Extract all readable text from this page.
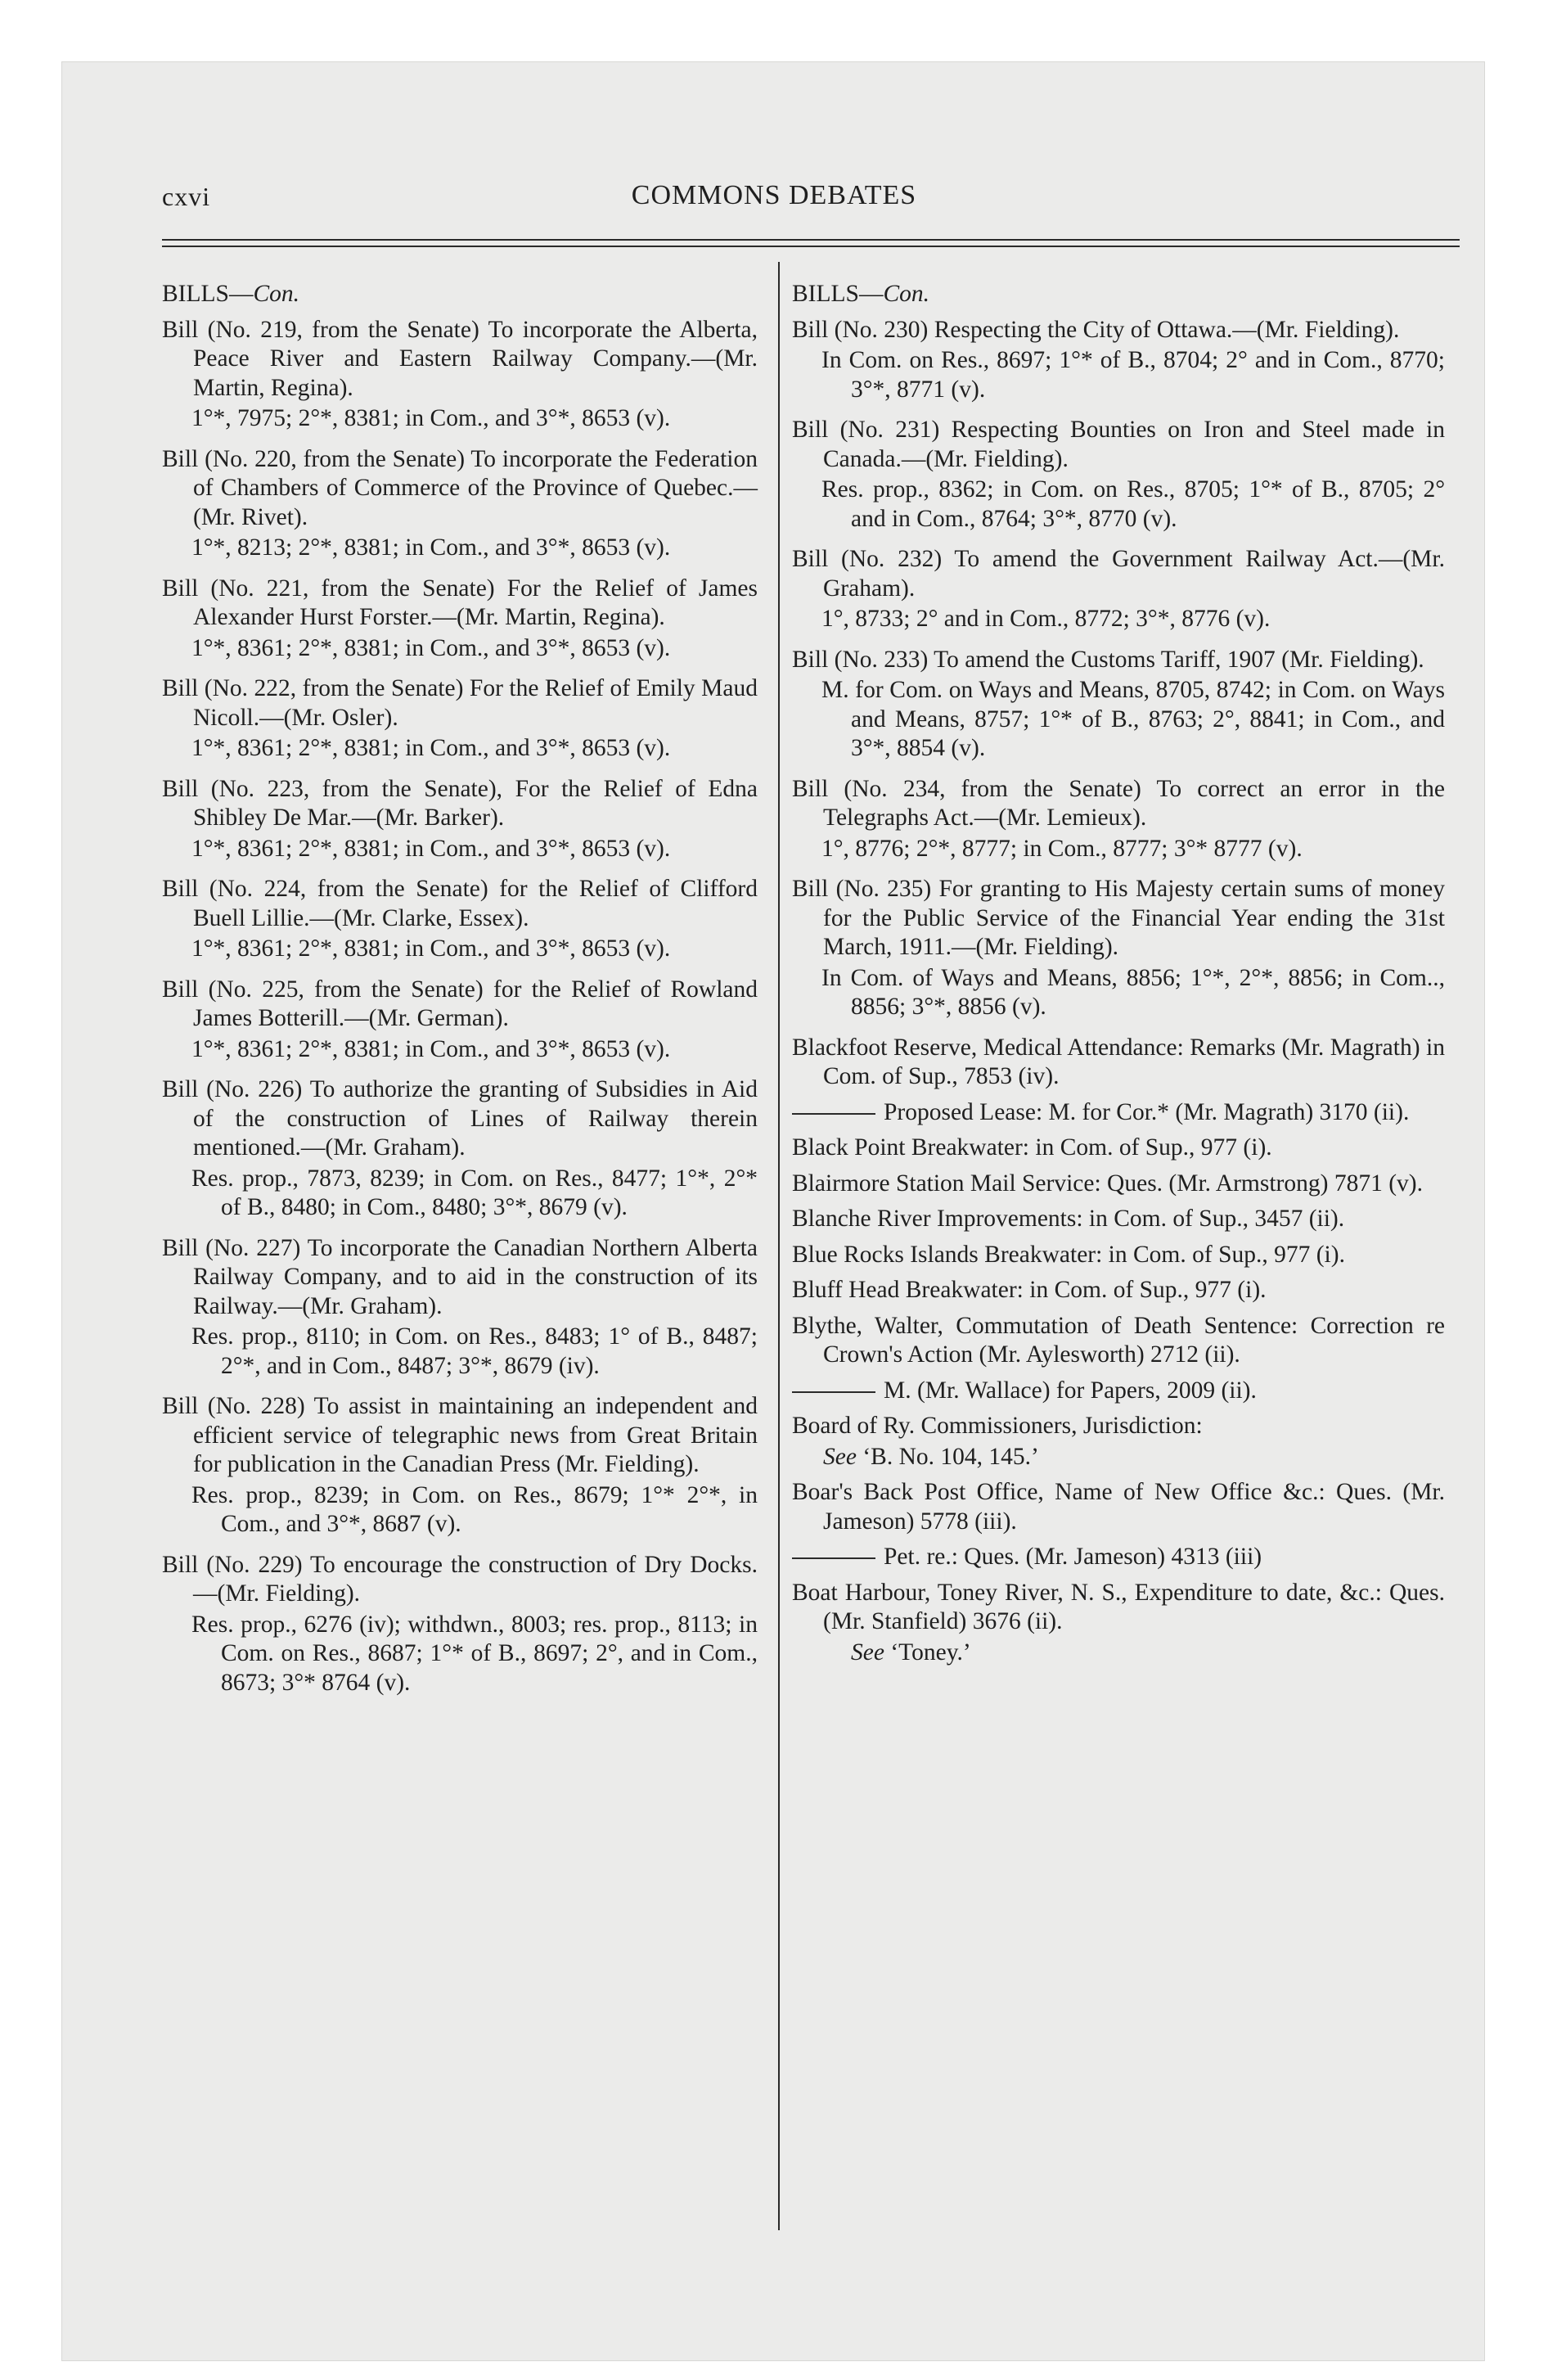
cxvi	COMMONS DEBATES
BILLS—Con.

Bill (No. 219, from the Senate) To incorporate the Alberta, Peace River and Eastern Railway Company.—(Mr. Martin, Regina).

1°*, 7975; 2°*, 8381; in Com., and 3°*, 8653 (v).

Bill (No. 220, from the Senate) To incorporate the Federation of Chambers of Commerce of the Province of Quebec.—(Mr. Rivet).

1°*, 8213; 2°*, 8381; in Com., and 3°*, 8653 (v).

Bill (No. 221, from the Senate) For the Relief of James Alexander Hurst Forster.—(Mr. Martin, Regina).

1°*, 8361; 2°*, 8381; in Com., and 3°*, 8653 (v).

Bill (No. 222, from the Senate) For the Relief of Emily Maud Nicoll.—(Mr. Osler).

1°*, 8361; 2°*, 8381; in Com., and 3°*, 8653 (v).

Bill (No. 223, from the Senate), For the Relief of Edna Shibley De Mar.—(Mr. Barker).

1°*, 8361; 2°*, 8381; in Com., and 3°*, 8653 (v).

Bill (No. 224, from the Senate) for the Relief of Clifford Buell Lillie.—(Mr. Clarke, Essex).

1°*, 8361; 2°*, 8381; in Com., and 3°*, 8653 (v).

Bill (No. 225, from the Senate) for the Relief of Rowland James Botterill.—(Mr. German).

1°*, 8361; 2°*, 8381; in Com., and 3°*, 8653 (v).

Bill (No. 226) To authorize the granting of Subsidies in Aid of the construction of Lines of Railway therein mentioned.—(Mr. Graham).

Res. prop., 7873, 8239; in Com. on Res., 8477; 1°*, 2°* of B., 8480; in Com., 8480; 3°*, 8679 (v).

Bill (No. 227) To incorporate the Canadian Northern Alberta Railway Company, and to aid in the construction of its Railway.—(Mr. Graham).

Res. prop., 8110; in Com. on Res., 8483; 1° of B., 8487; 2°*, and in Com., 8487; 3°*, 8679 (iv).

Bill (No. 228) To assist in maintaining an independent and efficient service of telegraphic news from Great Britain for publication in the Canadian Press (Mr. Fielding).

Res. prop., 8239; in Com. on Res., 8679; 1°* 2°*, in Com., and 3°*, 8687 (v).

Bill (No. 229) To encourage the construction of Dry Docks.—(Mr. Fielding).

Res. prop., 6276 (iv); withdwn., 8003; res. prop., 8113; in Com. on Res., 8687; 1°* of B., 8697; 2°, and in Com., 8673; 3°* 8764 (v).

BILLS—Con.

Bill (No. 230) Respecting the City of Ottawa.—(Mr. Fielding).

In Com. on Res., 8697; 1°* of B., 8704; 2° and in Com., 8770; 3°*, 8771 (v).

Bill (No. 231) Respecting Bounties on Iron and Steel made in Canada.—(Mr. Fielding).

Res. prop., 8362; in Com. on Res., 8705; 1°* of B., 8705; 2° and in Com., 8764; 3°*, 8770 (v).

Bill (No. 232) To amend the Government Railway Act.—(Mr. Graham).

1°, 8733; 2° and in Com., 8772; 3°*, 8776 (v).

Bill (No. 233) To amend the Customs Tariff, 1907 (Mr. Fielding).

M. for Com. on Ways and Means, 8705, 8742; in Com. on Ways and Means, 8757; 1°* of B., 8763; 2°, 8841; in Com., and 3°*, 8854 (v).

Bill (No. 234, from the Senate) To correct an error in the Telegraphs Act.—(Mr. Lemieux).

1°, 8776; 2°*, 8777; in Com., 8777; 3°* 8777 (v).

Bill (No. 235) For granting to His Majesty certain sums of money for the Public Service of the Financial Year ending the 31st March, 1911.—(Mr. Fielding).

In Com. of Ways and Means, 8856; 1°*, 2°*, 8856; in Com.., 8856; 3°*, 8856 (v).

Blackfoot Reserve, Medical Attendance: Remarks (Mr. Magrath) in Com. of Sup., 7853 (iv).

Proposed Lease: M. for Cor.* (Mr. Magrath) 3170 (ii).

Black Point Breakwater: in Com. of Sup., 977 (i).

Blairmore Station Mail Service: Ques. (Mr. Armstrong) 7871 (v).

Blanche River Improvements: in Com. of Sup., 3457 (ii).

Blue Rocks Islands Breakwater: in Com. of Sup., 977 (i).

Bluff Head Breakwater: in Com. of Sup., 977 (i).

Blythe, Walter, Commutation of Death Sentence: Correction re Crown's Action (Mr. Aylesworth) 2712 (ii).

M. (Mr. Wallace) for Papers, 2009 (ii).

Board of Ry. Commissioners, Jurisdiction:

See ‘B. No. 104, 145.’

Boar's Back Post Office, Name of New Office &c.: Ques. (Mr. Jameson) 5778 (iii).

Pet. re.: Ques. (Mr. Jameson) 4313 (iii)

Boat Harbour, Toney River, N. S., Expenditure to date, &c.: Ques. (Mr. Stanfield) 3676 (ii).

See ‘Toney.’
